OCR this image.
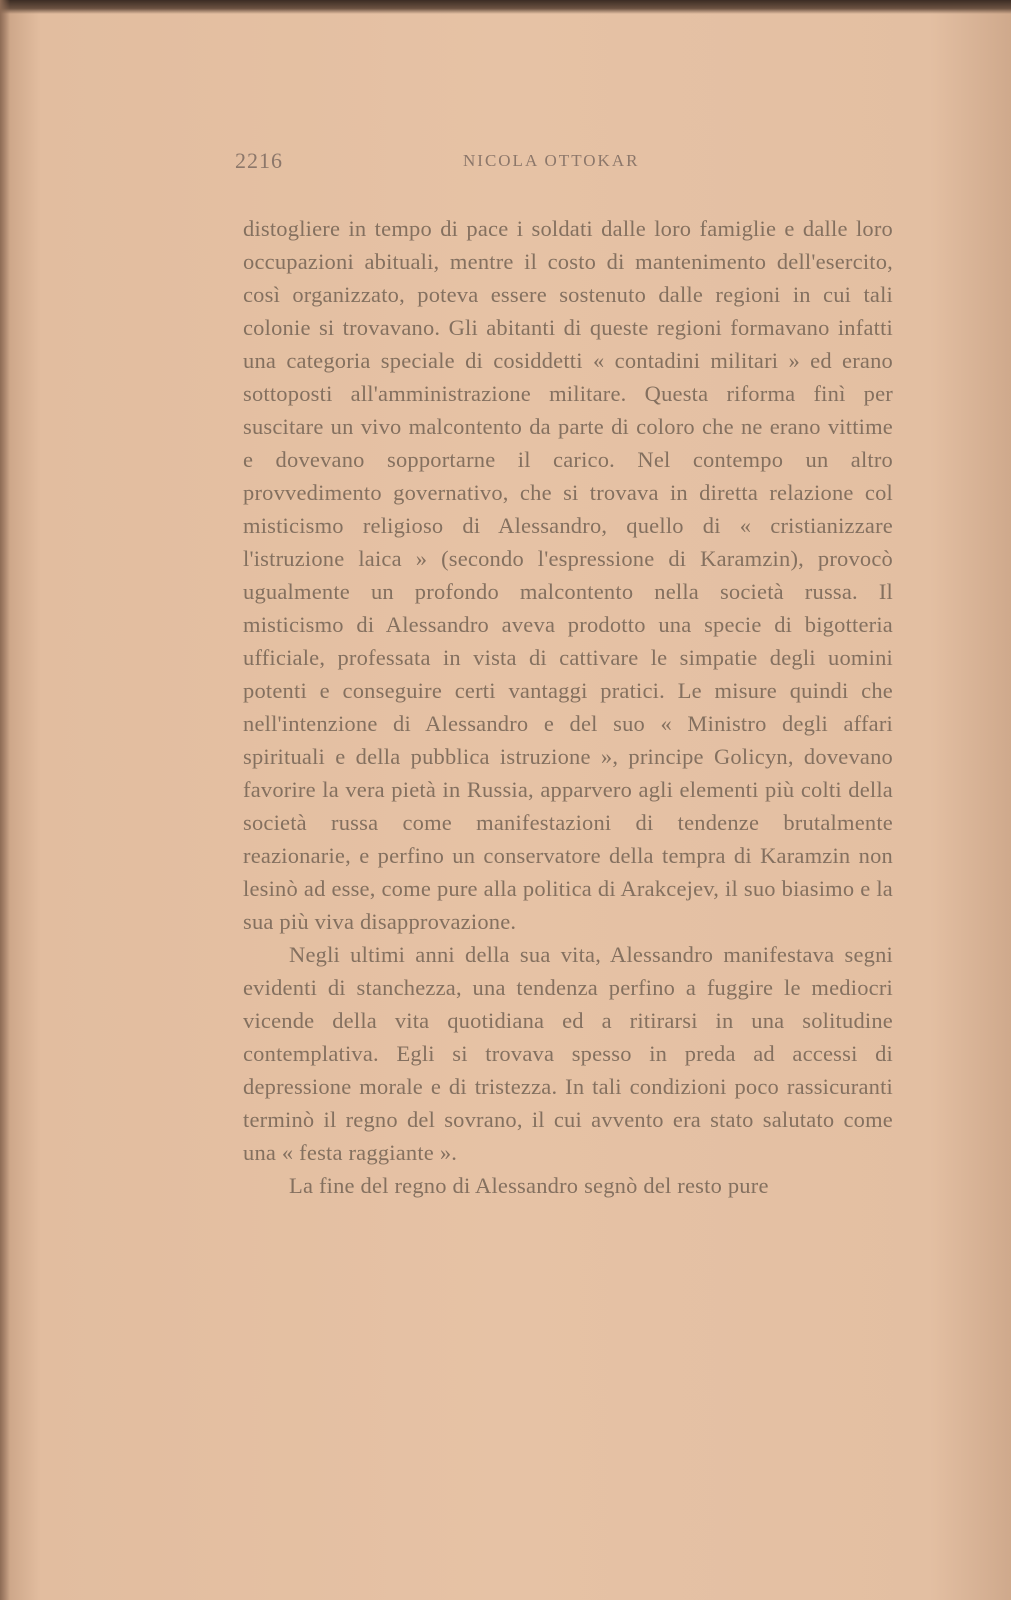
2216	NICOLA OTTOKAR

distogliere in tempo di pace i soldati dalle loro famiglie e dalle loro occupazioni abituali, mentre il costo di mantenimento dell'esercito, così organizzato, poteva essere sostenuto dalle regioni in cui tali colonie si trovavano. Gli abitanti di queste regioni formavano infatti una categoria speciale di cosiddetti « contadini militari » ed erano sottoposti all'amministrazione militare. Questa riforma finì per suscitare un vivo malcontento da parte di coloro che ne erano vittime e dovevano sopportarne il carico. Nel contempo un altro provvedimento governativo, che si trovava in diretta relazione col misticismo religioso di Alessandro, quello di « cristianizzare l'istruzione laica » (secondo l'espressione di Karamzin), provocò ugualmente un profondo malcontento nella società russa. Il misticismo di Alessandro aveva prodotto una specie di bigotteria ufficiale, professata in vista di cattivare le simpatie degli uomini potenti e conseguire certi vantaggi pratici. Le misure quindi che nell'intenzione di Alessandro e del suo « Ministro degli affari spirituali e della pubblica istruzione », principe Golicyn, dovevano favorire la vera pietà in Russia, apparvero agli elementi più colti della società russa come manifestazioni di tendenze brutalmente reazionarie, e perfino un conservatore della tempra di Karamzin non lesinò ad esse, come pure alla politica di Arakcejev, il suo biasimo e la sua più viva disapprovazione.

Negli ultimi anni della sua vita, Alessandro manifestava segni evidenti di stanchezza, una tendenza perfino a fuggire le mediocri vicende della vita quotidiana ed a ritirarsi in una solitudine contemplativa. Egli si trovava spesso in preda ad accessi di depressione morale e di tristezza. In tali condizioni poco rassicuranti terminò il regno del sovrano, il cui avvento era stato salutato come una « festa raggiante ».

La fine del regno di Alessandro segnò del resto pure
